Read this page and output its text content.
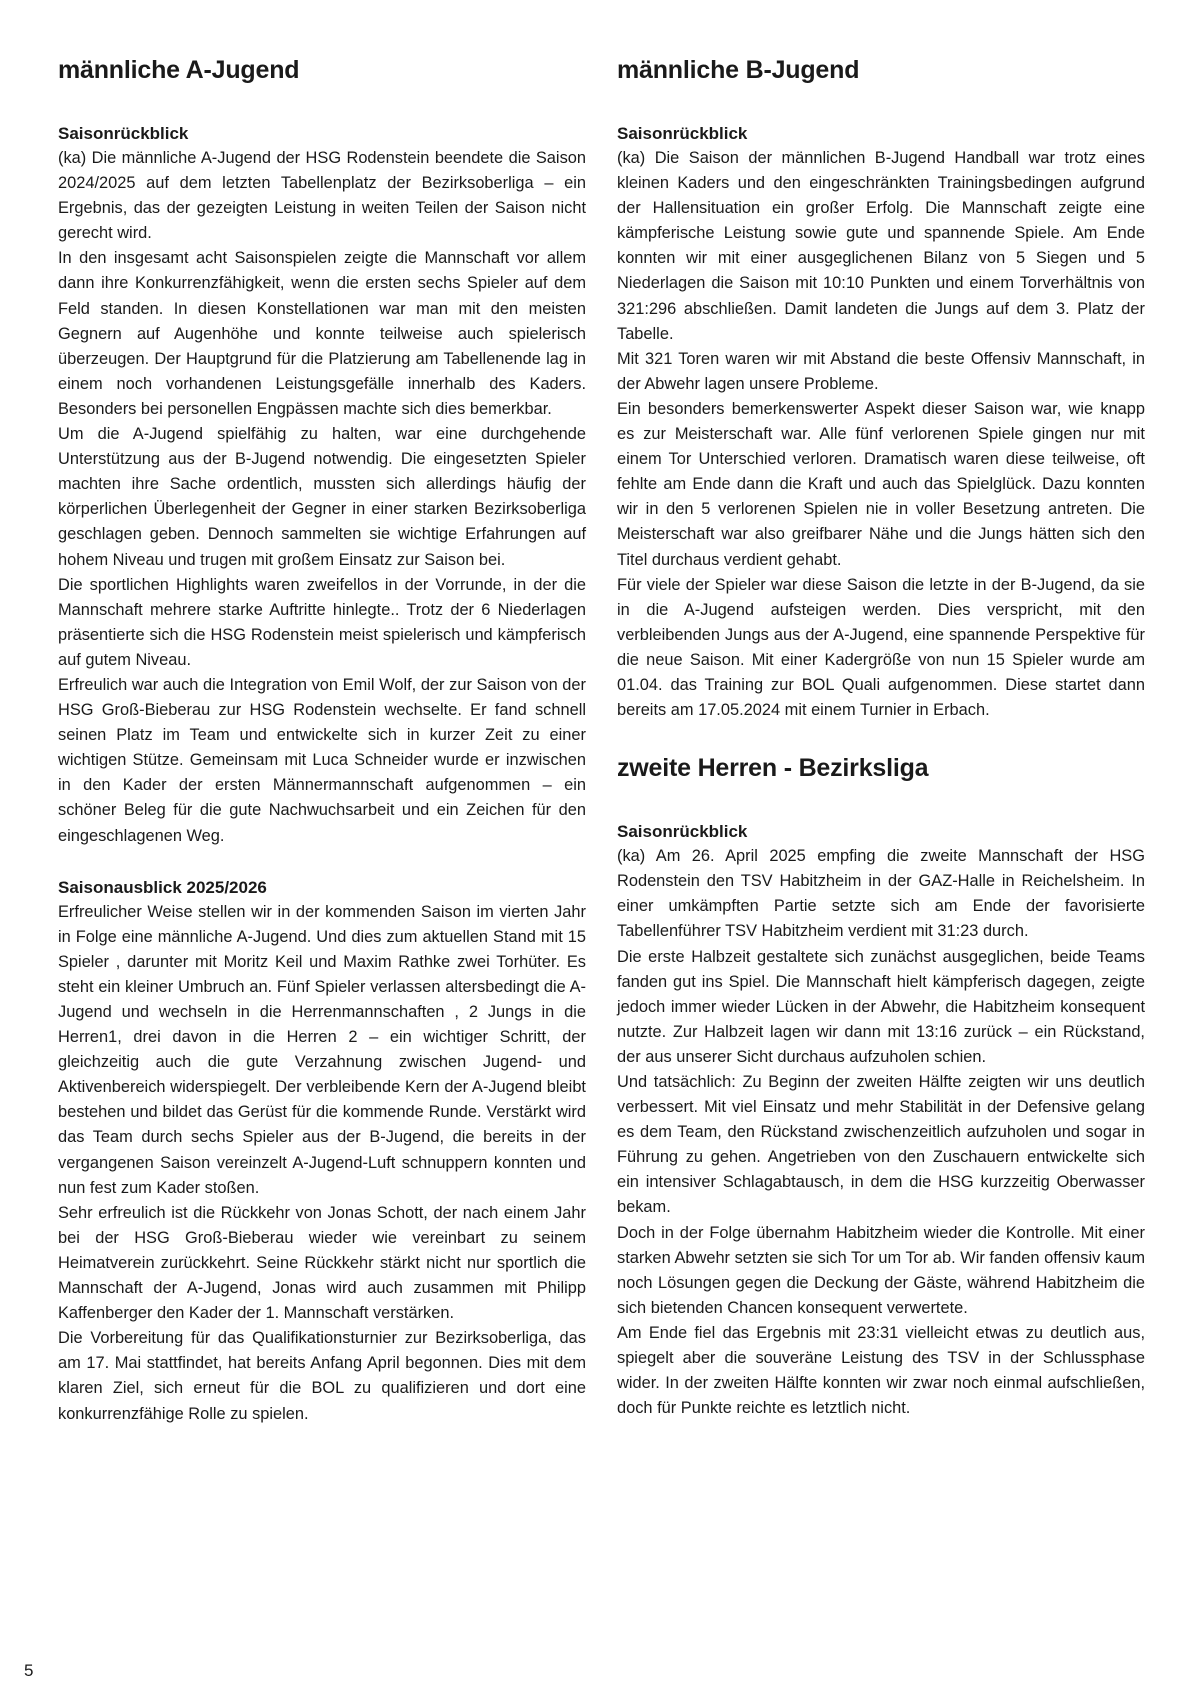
männliche A-Jugend
Saisonrückblick

(ka) Die männliche A-Jugend der HSG Rodenstein beendete die Saison 2024/2025 auf dem letzten Tabellenplatz der Bezirksoberliga – ein Ergebnis, das der gezeigten Leistung in weiten Teilen der Saison nicht gerecht wird.

In den insgesamt acht Saisonspielen zeigte die Mannschaft vor allem dann ihre Konkurrenzfähigkeit, wenn die ersten sechs Spieler auf dem Feld standen. In diesen Konstellationen war man mit den meisten Gegnern auf Augenhöhe und konnte teilweise auch spielerisch überzeugen. Der Hauptgrund für die Platzierung am Tabellenende lag in einem noch vorhandenen Leistungsgefälle innerhalb des Kaders. Besonders bei personellen Engpässen machte sich dies bemerkbar.

Um die A-Jugend spielfähig zu halten, war eine durchgehende Unterstützung aus der B-Jugend notwendig. Die eingesetzten Spieler machten ihre Sache ordentlich, mussten sich allerdings häufig der körperlichen Überlegenheit der Gegner in einer starken Bezirksoberliga geschlagen geben. Dennoch sammelten sie wichtige Erfahrungen auf hohem Niveau und trugen mit großem Einsatz zur Saison bei.

Die sportlichen Highlights waren zweifellos in der Vorrunde, in der die Mannschaft mehrere starke Auftritte hinlegte.. Trotz der 6 Niederlagen präsentierte sich die HSG Rodenstein meist spielerisch und kämpferisch auf gutem Niveau.

Erfreulich war auch die Integration von Emil Wolf, der zur Saison von der HSG Groß-Bieberau zur HSG Rodenstein wechselte. Er fand schnell seinen Platz im Team und entwickelte sich in kurzer Zeit zu einer wichtigen Stütze. Gemeinsam mit Luca Schneider wurde er inzwischen in den Kader der ersten Männermannschaft aufgenommen – ein schöner Beleg für die gute Nachwuchsarbeit und ein Zeichen für den eingeschlagenen Weg.

Saisonausblick 2025/2026

Erfreulicher Weise stellen wir in der kommenden Saison im vierten Jahr in Folge eine männliche A-Jugend. Und dies zum aktuellen Stand mit 15 Spieler , darunter mit Moritz Keil und Maxim Rathke zwei Torhüter. Es steht ein kleiner Umbruch an. Fünf Spieler verlassen altersbedingt die A-Jugend und wechseln in die Herrenmannschaften , 2 Jungs in die Herren1, drei davon in die Herren 2 – ein wichtiger Schritt, der gleichzeitig auch die gute Verzahnung zwischen Jugend- und Aktivenbereich widerspiegelt. Der verbleibende Kern der A-Jugend bleibt bestehen und bildet das Gerüst für die kommende Runde. Verstärkt wird das Team durch sechs Spieler aus der B-Jugend, die bereits in der vergangenen Saison vereinzelt A-Jugend-Luft schnuppern konnten und nun fest zum Kader stoßen.

Sehr erfreulich ist die Rückkehr von Jonas Schott, der nach einem Jahr bei der HSG Groß-Bieberau wieder wie vereinbart zu seinem Heimatverein zurückkehrt. Seine Rückkehr stärkt nicht nur sportlich die Mannschaft der A-Jugend, Jonas wird auch zusammen mit Philipp Kaffenberger den Kader der 1. Mannschaft verstärken.

Die Vorbereitung für das Qualifikationsturnier zur Bezirksoberliga, das am 17. Mai stattfindet, hat bereits Anfang April begonnen. Dies mit dem klaren Ziel, sich erneut für die BOL zu qualifizieren und dort eine konkurrenzfähige Rolle zu spielen.

männliche B-Jugend
Saisonrückblick

(ka) Die Saison der männlichen B-Jugend Handball war trotz eines kleinen Kaders und den eingeschränkten Trainingsbedingen aufgrund der Hallensituation ein großer Erfolg. Die Mannschaft zeigte eine kämpferische Leistung sowie gute und spannende Spiele. Am Ende konnten wir mit einer ausgeglichenen Bilanz von 5 Siegen und 5 Niederlagen die Saison mit 10:10 Punkten und einem Torverhältnis von 321:296 abschließen. Damit landeten die Jungs auf dem 3. Platz der Tabelle.

Mit 321 Toren waren wir mit Abstand die beste Offensiv Mannschaft, in der Abwehr lagen unsere Probleme.

Ein besonders bemerkenswerter Aspekt dieser Saison war, wie knapp es zur Meisterschaft war. Alle fünf verlorenen Spiele gingen nur mit einem Tor Unterschied verloren. Dramatisch waren diese teilweise, oft fehlte am Ende dann die Kraft und auch das Spielglück. Dazu konnten wir in den 5 verlorenen Spielen nie in voller Besetzung antreten. Die Meisterschaft war also greifbarer Nähe und die Jungs hätten sich den Titel durchaus verdient gehabt.

Für viele der Spieler war diese Saison die letzte in der B-Jugend, da sie in die A-Jugend aufsteigen werden. Dies verspricht, mit den verbleibenden Jungs aus der A-Jugend, eine spannende Perspektive für die neue Saison. Mit einer Kadergröße von nun 15 Spieler wurde am 01.04. das Training zur BOL Quali aufgenommen. Diese startet dann bereits am 17.05.2024 mit einem Turnier in Erbach.

zweite Herren - Bezirksliga
Saisonrückblick

(ka) Am 26. April 2025 empfing die zweite Mannschaft der HSG Rodenstein den TSV Habitzheim in der GAZ-Halle in Reichelsheim. In einer umkämpften Partie setzte sich am Ende der favorisierte Tabellenführer TSV Habitzheim verdient mit 31:23 durch.

Die erste Halbzeit gestaltete sich zunächst ausgeglichen, beide Teams fanden gut ins Spiel. Die Mannschaft hielt kämpferisch dagegen, zeigte jedoch immer wieder Lücken in der Abwehr, die Habitzheim konsequent nutzte. Zur Halbzeit lagen wir dann mit 13:16 zurück – ein Rückstand, der aus unserer Sicht durchaus aufzuholen schien.

Und tatsächlich: Zu Beginn der zweiten Hälfte zeigten wir uns deutlich verbessert. Mit viel Einsatz und mehr Stabilität in der Defensive gelang es dem Team, den Rückstand zwischenzeitlich aufzuholen und sogar in Führung zu gehen. Angetrieben von den Zuschauern entwickelte sich ein intensiver Schlagabtausch, in dem die HSG kurzzeitig Oberwasser bekam.

Doch in der Folge übernahm Habitzheim wieder die Kontrolle. Mit einer starken Abwehr setzten sie sich Tor um Tor ab. Wir fanden offensiv kaum noch Lösungen gegen die Deckung der Gäste, während Habitzheim die sich bietenden Chancen konsequent verwertete.

Am Ende fiel das Ergebnis mit 23:31 vielleicht etwas zu deutlich aus, spiegelt aber die souveräne Leistung des TSV in der Schlussphase wider. In der zweiten Hälfte konnten wir zwar noch einmal aufschließen, doch für Punkte reichte es letztlich nicht.

5
